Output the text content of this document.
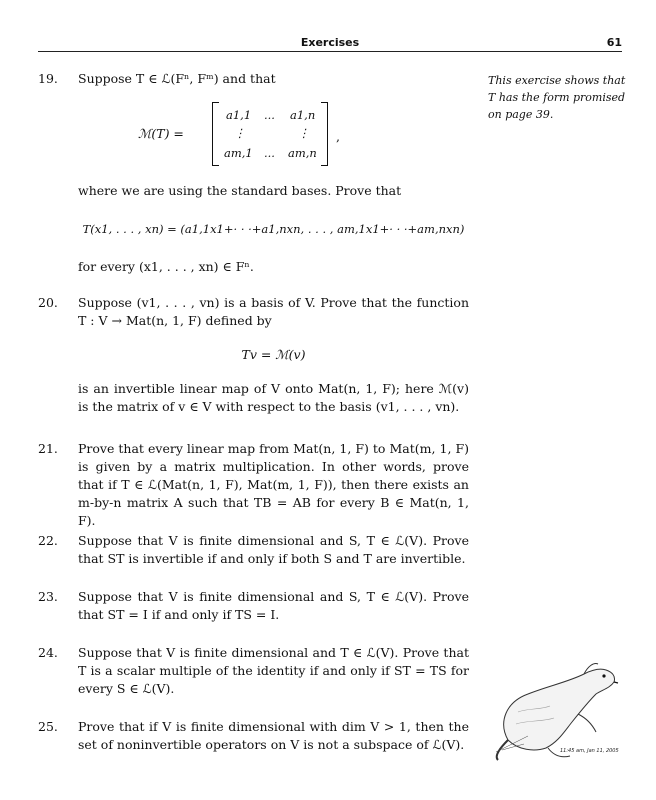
Exercises	61
This exercise shows that T has the form promised on page 39.
19.	Suppose T ∈ ℒ(Fⁿ, Fᵐ) and that

ℳ(T) =
a1,1 ... a1,n
⋮	⋮
am,1 ... am,n
,

where we are using the standard bases. Prove that

T(x1, . . . , xn) = (a1,1x1+· · ·+a1,nxn, . . . , am,1x1+· · ·+am,nxn)

for every (x1, . . . , xn) ∈ Fⁿ.

20.	Suppose (v1, . . . , vn) is a basis of V. Prove that the function T : V → Mat(n, 1, F) defined by

Tv = ℳ(v)

is an invertible linear map of V onto Mat(n, 1, F); here ℳ(v) is the matrix of v ∈ V with respect to the basis (v1, . . . , vn).

21.	Prove that every linear map from Mat(n, 1, F) to Mat(m, 1, F) is given by a matrix multiplication. In other words, prove that if T ∈ ℒ(Mat(n, 1, F), Mat(m, 1, F)), then there exists an m-by-n matrix A such that TB = AB for every B ∈ Mat(n, 1, F).

22.	Suppose that V is finite dimensional and S, T ∈ ℒ(V). Prove that ST is invertible if and only if both S and T are invertible.

23.	Suppose that V is finite dimensional and S, T ∈ ℒ(V). Prove that ST = I if and only if TS = I.

24.	Suppose that V is finite dimensional and T ∈ ℒ(V). Prove that T is a scalar multiple of the identity if and only if ST = TS for every S ∈ ℒ(V).

25.	Prove that if V is finite dimensional with dim V > 1, then the set of noninvertible operators on V is not a subspace of ℒ(V).	11:45 am, Jan 11, 2005
